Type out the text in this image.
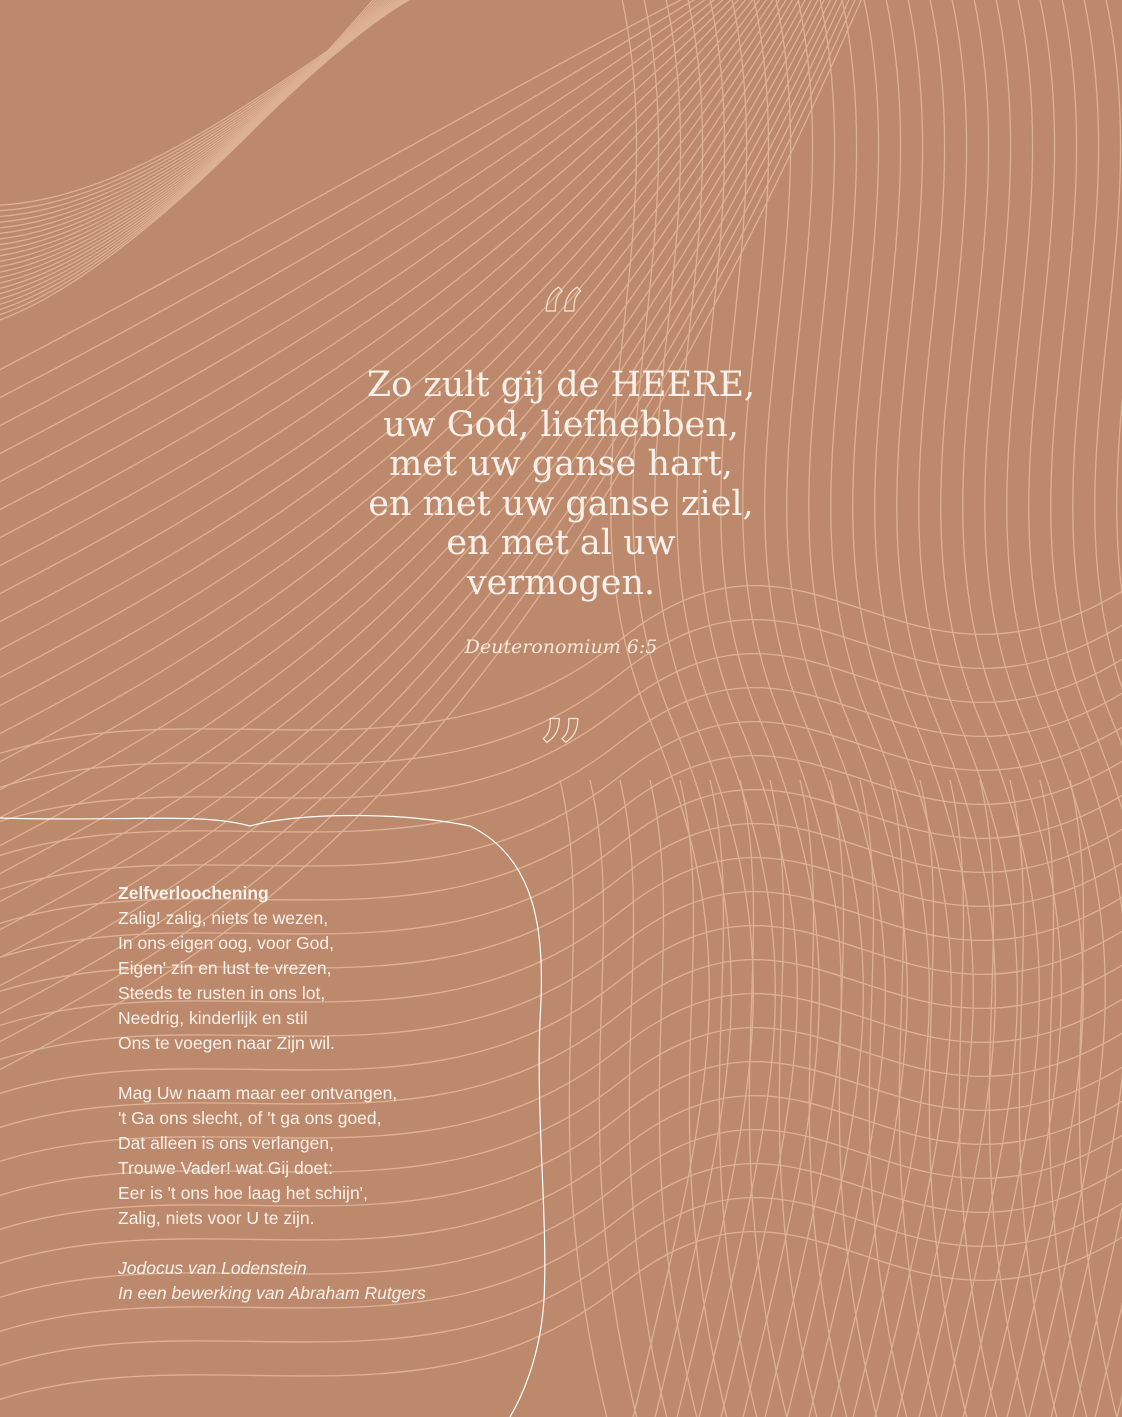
“
Zo zult gij de HEERE,
uw God, liefhebben,
met uw ganse hart,
en met uw ganse ziel,
en met al uw
vermogen.
Deuteronomium 6:5
”
Zelfverloochening
Zalig! zalig, niets te wezen,
In ons eigen oog, voor God,
Eigen' zin en lust te vrezen,
Steeds te rusten in ons lot,
Needrig, kinderlijk en stil
Ons te voegen naar Zijn wil.
Mag Uw naam maar eer ontvangen,
't Ga ons slecht, of 't ga ons goed,
Dat alleen is ons verlangen,
Trouwe Vader! wat Gij doet:
Eer is 't ons hoe laag het schijn',
Zalig, niets voor U te zijn.
Jodocus van Lodenstein
In een bewerking van Abraham Rutgers
